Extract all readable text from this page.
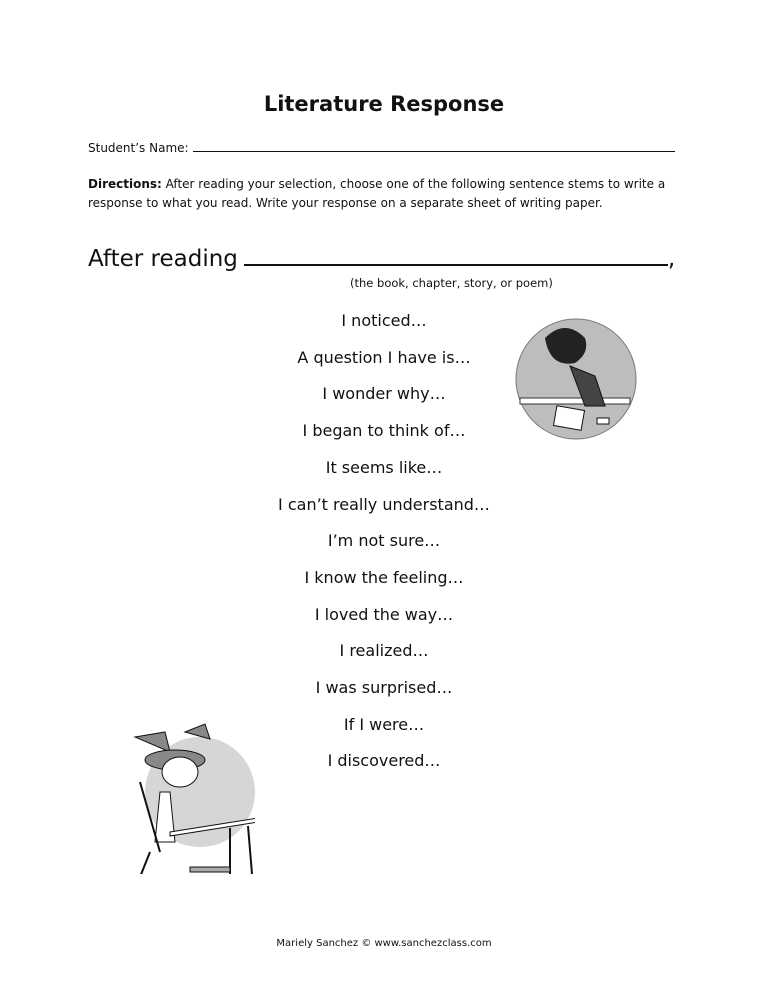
Literature Response
Student’s Name:
Directions: After reading your selection, choose one of the following sentence stems to write a response to what you read. Write your response on a separate sheet of writing paper.
After reading	,
(the book, chapter, story, or poem)
I noticed…
A question I have is…
I wonder why…
I began to think of…
It seems like…
I can’t really understand…
I’m not sure…
I know the feeling…
I loved the way…
I realized…
I was surprised…
If I were…
I discovered…
Mariely Sanchez © www.sanchezclass.com
